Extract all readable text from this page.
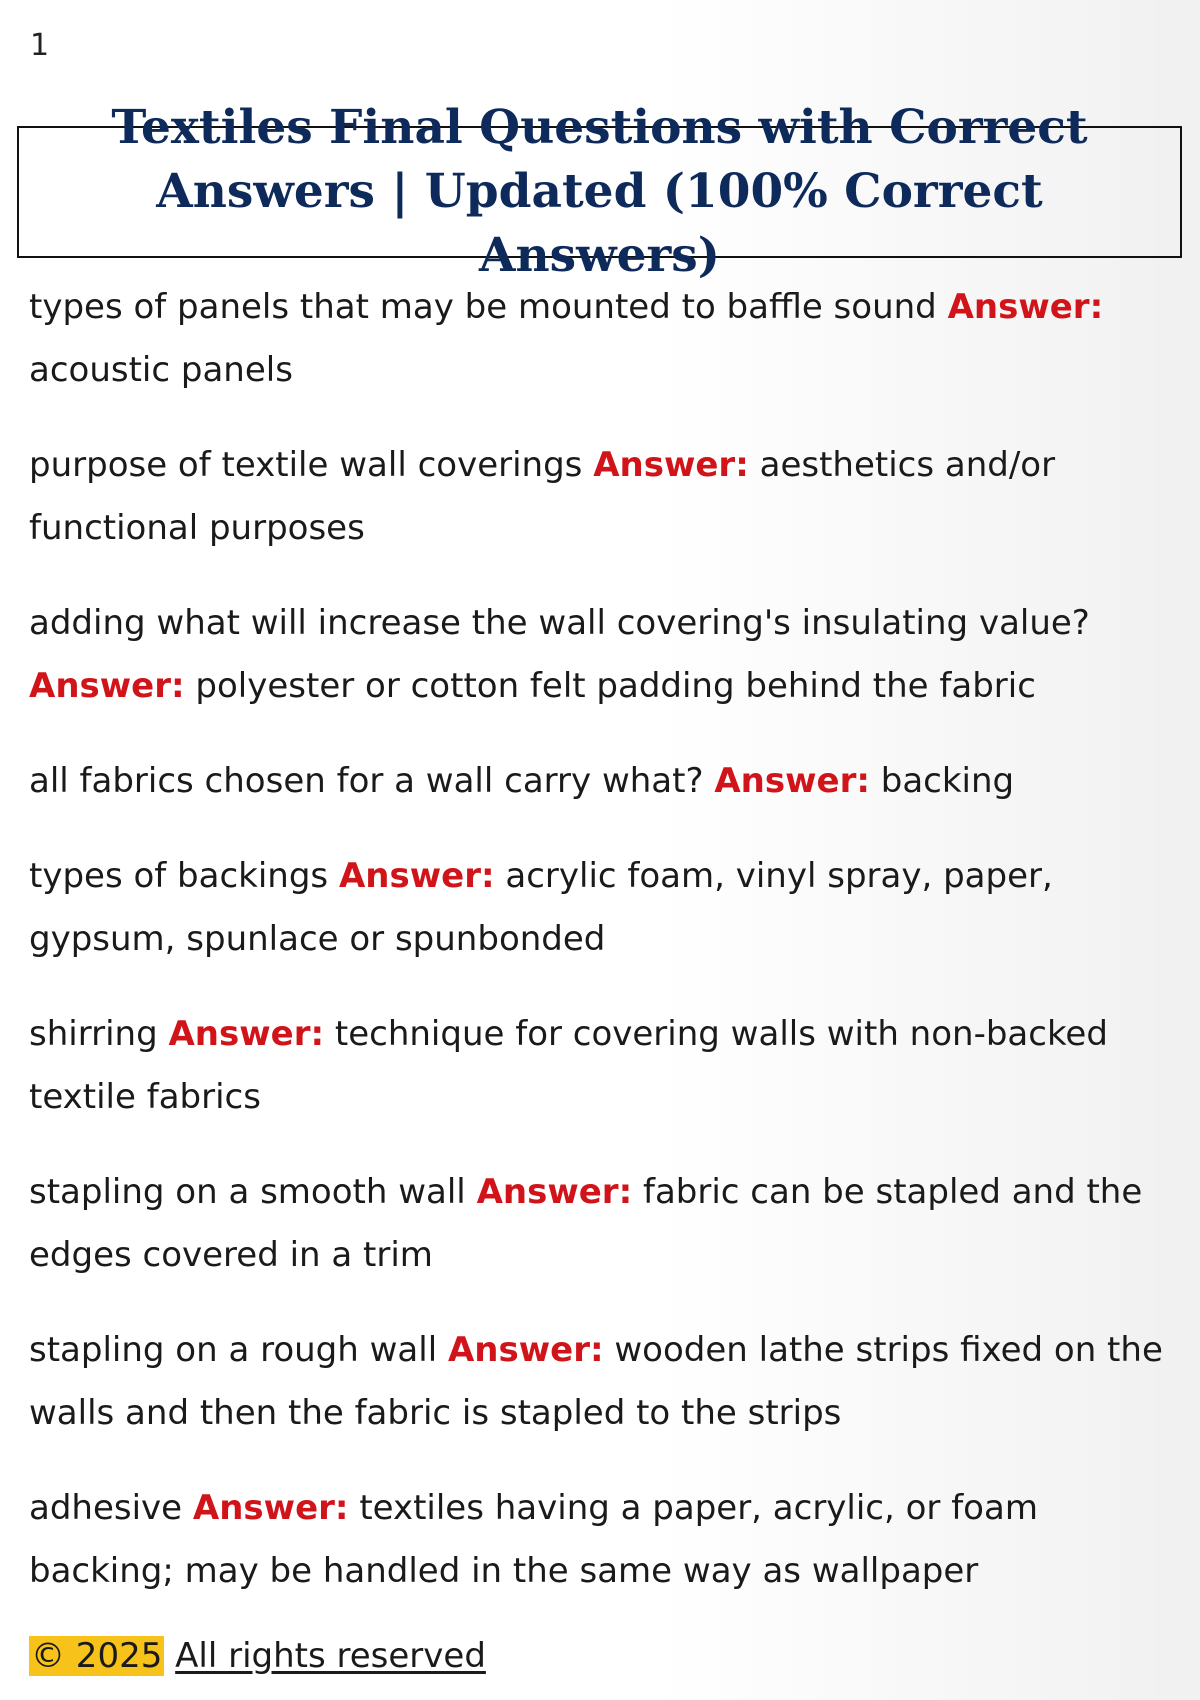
1
Textiles Final Questions with Correct Answers | Updated (100% Correct Answers)

types of panels that may be mounted to baffle sound Answer: acoustic panels

purpose of textile wall coverings Answer: aesthetics and/or functional purposes

adding what will increase the wall covering's insulating value? Answer: polyester or cotton felt padding behind the fabric

all fabrics chosen for a wall carry what? Answer: backing

types of backings Answer: acrylic foam, vinyl spray, paper, gypsum, spunlace or spunbonded

shirring Answer: technique for covering walls with non-backed textile fabrics

stapling on a smooth wall Answer: fabric can be stapled and the edges covered in a trim

stapling on a rough wall Answer: wooden lathe strips fixed on the walls and then the fabric is stapled to the strips

adhesive Answer: textiles having a paper, acrylic, or foam backing; may be handled in the same way as wallpaper

© 2025 All rights reserved
